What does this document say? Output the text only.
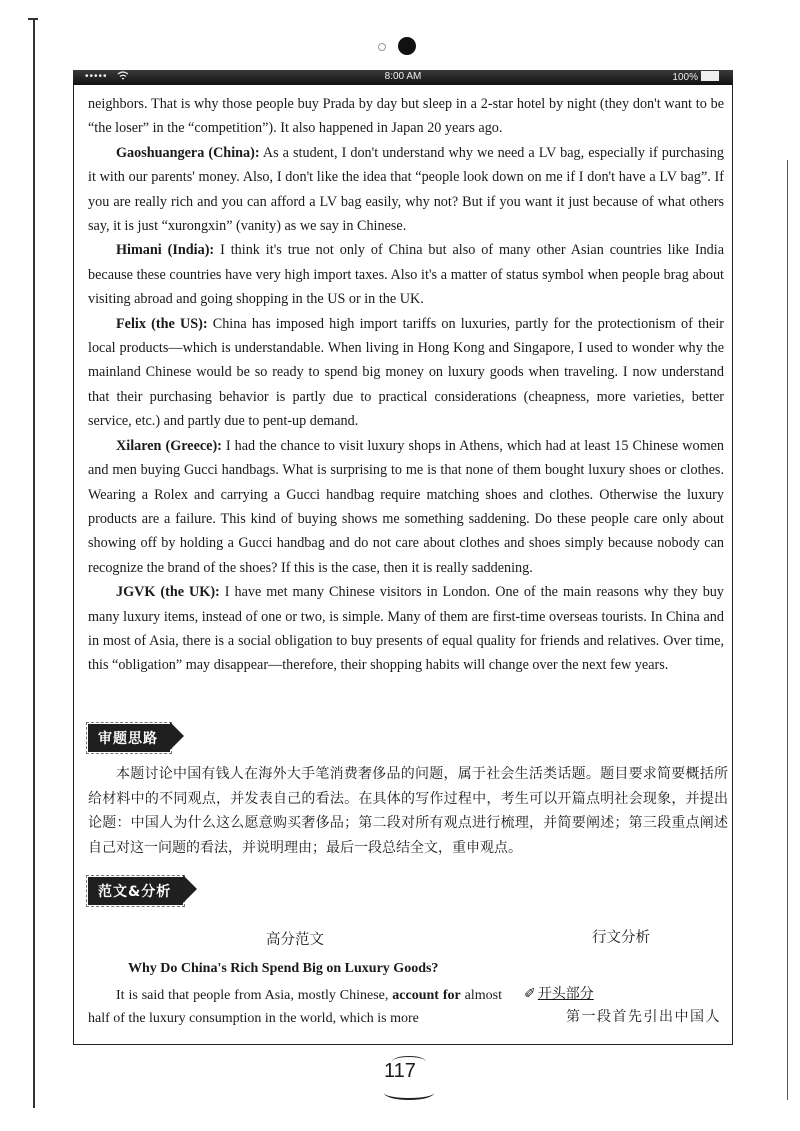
•••••	8:00 AM	100%

neighbors. That is why those people buy Prada by day but sleep in a 2-star hotel by night (they don't want to be “the loser” in the “competition”). It also happened in Japan 20 years ago.

Gaoshuangera (China): As a student, I don't understand why we need a LV bag, especially if purchasing it with our parents' money. Also, I don't like the idea that “people look down on me if I don't have a LV bag”. If you are really rich and you can afford a LV bag easily, why not? But if you want it just because of what others say, it is just “xurongxin” (vanity) as we say in Chinese.

Himani (India): I think it's true not only of China but also of many other Asian countries like India because these countries have very high import taxes. Also it's a matter of status symbol when people brag about visiting abroad and going shopping in the US or in the UK.

Felix (the US): China has imposed high import tariffs on luxuries, partly for the protectionism of their local products—which is understandable. When living in Hong Kong and Singapore, I used to wonder why the mainland Chinese would be so ready to spend big money on luxury goods when traveling. I now understand that their purchasing behavior is partly due to practical considerations (cheapness, more varieties, better service, etc.) and partly due to pent-up demand.

Xilaren (Greece): I had the chance to visit luxury shops in Athens, which had at least 15 Chinese women and men buying Gucci handbags. What is surprising to me is that none of them bought luxury shoes or clothes. Wearing a Rolex and carrying a Gucci handbag require matching shoes and clothes. Otherwise the luxury products are a failure. This kind of buying shows me something saddening. Do these people care only about showing off by holding a Gucci handbag and do not care about clothes and shoes simply because nobody can recognize the brand of the shoes? If this is the case, then it is really saddening.

JGVK (the UK): I have met many Chinese visitors in London. One of the main reasons why they buy many luxury items, instead of one or two, is simple. Many of them are first-time overseas tourists. In China and in most of Asia, there is a social obligation to buy presents of equal quality for friends and relatives. Over time, this “obligation” may disappear—therefore, their shopping habits will change over the next few years.

审题思路

本题讨论中国有钱人在海外大手笔消费奢侈品的问题，属于社会生活类话题。题目要求简要概括所给材料中的不同观点，并发表自己的看法。在具体的写作过程中，考生可以开篇点明社会现象，并提出论题：中国人为什么这么愿意购买奢侈品；第二段对所有观点进行梳理，并简要阐述；第三段重点阐述自己对这一问题的看法，并说明理由；最后一段总结全文，重申观点。

范文&分析
高分范文	行文分析
Why Do China's Rich Spend Big on Luxury Goods?

It is said that people from Asia, mostly Chinese, account for almost half of the luxury consumption in the world, which is more

✐ 开头部分
第一段首先引出中国人
117
